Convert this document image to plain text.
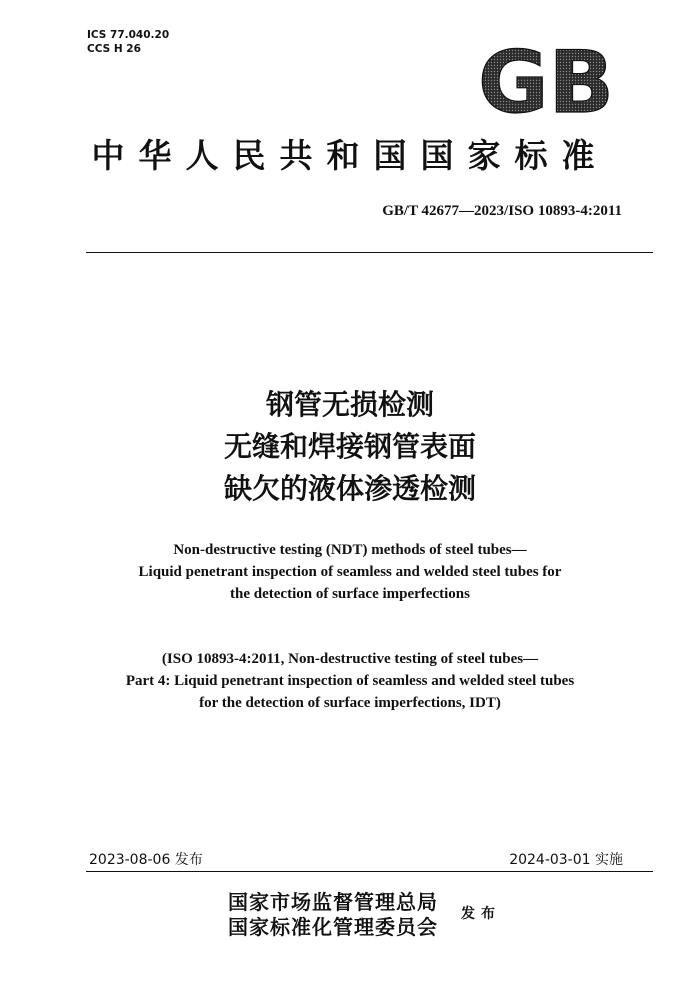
ICS 77.040.20
CCS H 26	GB
中华人民共和国国家标准
GB/T 42677—2023/ISO 10893-4:2011
钢管无损检测
无缝和焊接钢管表面
缺欠的液体渗透检测
Non-destructive testing (NDT) methods of steel tubes—
Liquid penetrant inspection of seamless and welded steel tubes for
the detection of surface imperfections
(ISO 10893-4:2011, Non-destructive testing of steel tubes—
Part 4: Liquid penetrant inspection of seamless and welded steel tubes
for the detection of surface imperfections, IDT)
2023-08-06 发布	2024-03-01 实施
国家市场监督管理总局
国家标准化管理委员会
发布
